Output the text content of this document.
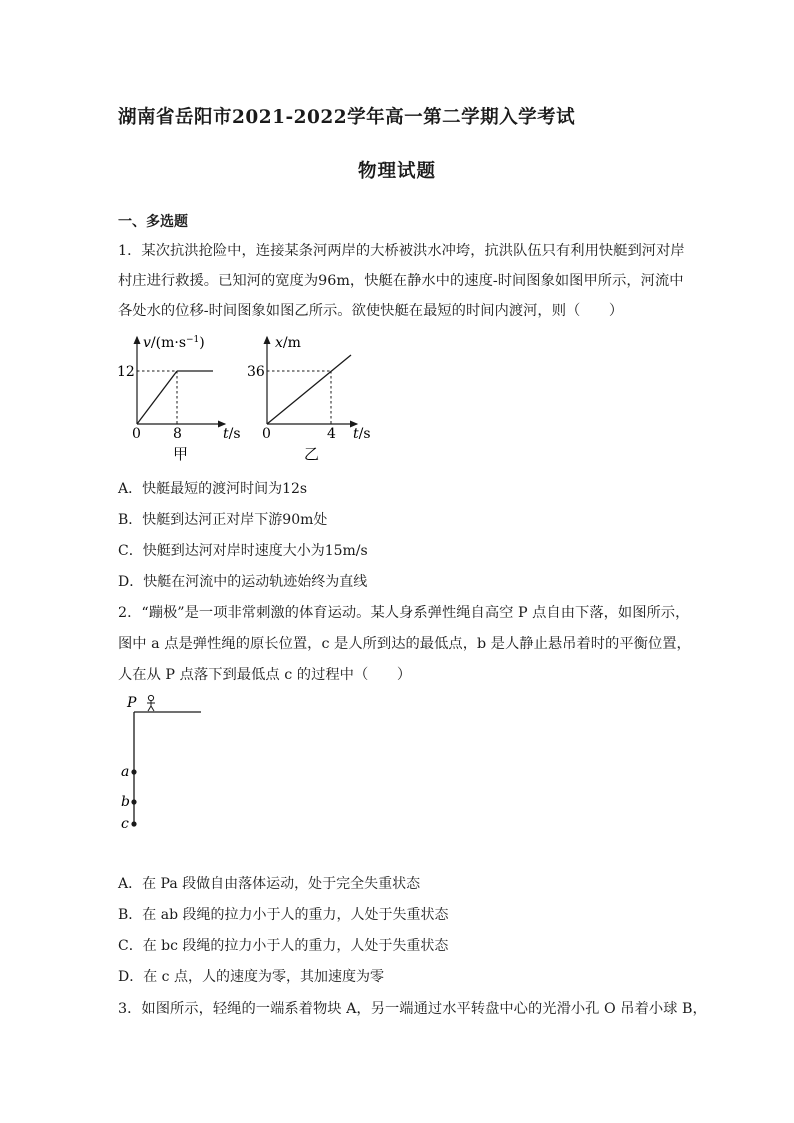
湖南省岳阳市2021-2022学年高一第二学期入学考试
物理试题
一、多选题
1．某次抗洪抢险中，连接某条河两岸的大桥被洪水冲垮，抗洪队伍只有利用快艇到河对岸
村庄进行救援。已知河的宽度为96m，快艇在静水中的速度-时间图象如图甲所示，河流中
各处水的位移-时间图象如图乙所示。欲使快艇在最短的时间内渡河，则（　　）
$v/(m\cdot s^{-1})$
12
0 8	t/s
甲
x/m
36
0	4 t/s
乙
A．快艇最短的渡河时间为12s
B．快艇到达河正对岸下游90m处
C．快艇到达河对岸时速度大小为15m/s
D．快艇在河流中的运动轨迹始终为直线
2．“蹦极”是一项非常刺激的体育运动。某人身系弹性绳自高空 P 点自由下落，如图所示，
图中 a 点是弹性绳的原长位置，c 是人所到达的最低点，b 是人静止悬吊着时的平衡位置，
人在从 P 点落下到最低点 c 的过程中（　　）
P
a
b
c
A．在 Pa 段做自由落体运动，处于完全失重状态
B．在 ab 段绳的拉力小于人的重力，人处于失重状态
C．在 bc 段绳的拉力小于人的重力，人处于失重状态
D．在 c 点，人的速度为零，其加速度为零
3．如图所示，轻绳的一端系着物块 A，另一端通过水平转盘中心的光滑小孔 O 吊着小球 B，
